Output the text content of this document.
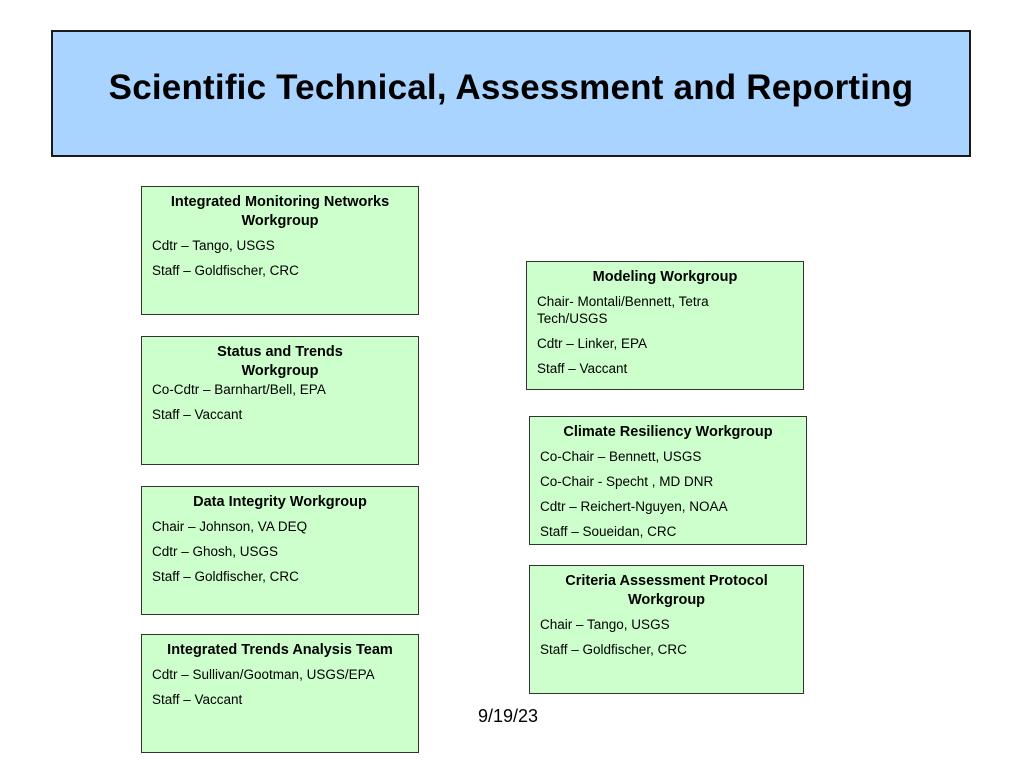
Scientific Technical, Assessment and Reporting
Integrated Monitoring Networks Workgroup
Cdtr – Tango, USGS
Staff – Goldfischer, CRC
Status and Trends Workgroup
Co-Cdtr – Barnhart/Bell, EPA
Staff – Vaccant
Data Integrity Workgroup
Chair – Johnson, VA DEQ
Cdtr – Ghosh, USGS
Staff – Goldfischer, CRC
Integrated Trends Analysis Team
Cdtr – Sullivan/Gootman, USGS/EPA
Staff – Vaccant
Modeling Workgroup
Chair- Montali/Bennett, Tetra Tech/USGS
Cdtr – Linker, EPA
Staff – Vaccant
Climate Resiliency Workgroup
Co-Chair – Bennett, USGS
Co-Chair - Specht , MD DNR
Cdtr – Reichert-Nguyen, NOAA
Staff – Soueidan, CRC
Criteria Assessment Protocol Workgroup
Chair – Tango, USGS
Staff – Goldfischer, CRC
9/19/23
